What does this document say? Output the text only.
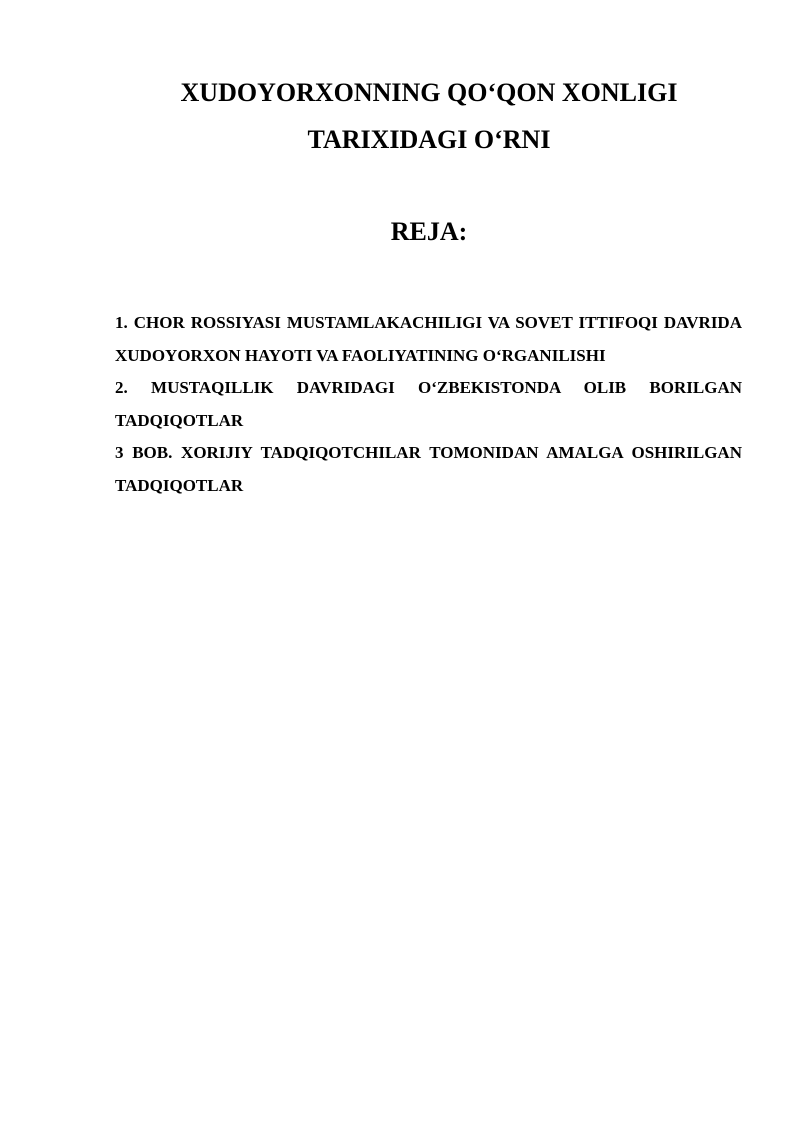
XUDOYORXONNING QO‘QON XONLIGI
TARIXIDAGI O‘RNI
REJA:
1. CHOR ROSSIYASI MUSTAMLAKACHILIGI VA SOVET ITTIFOQI DAVRIDA XUDOYORXON HAYOTI VA FAOLIYATINING O‘RGANILISHI
2. MUSTAQILLIK DAVRIDAGI O‘ZBEKISTONDA OLIB BORILGAN TADQIQOTLAR
3 BOB. XORIJIY TADQIQOTCHILAR TOMONIDAN AMALGA OSHIRILGAN TADQIQOTLAR
